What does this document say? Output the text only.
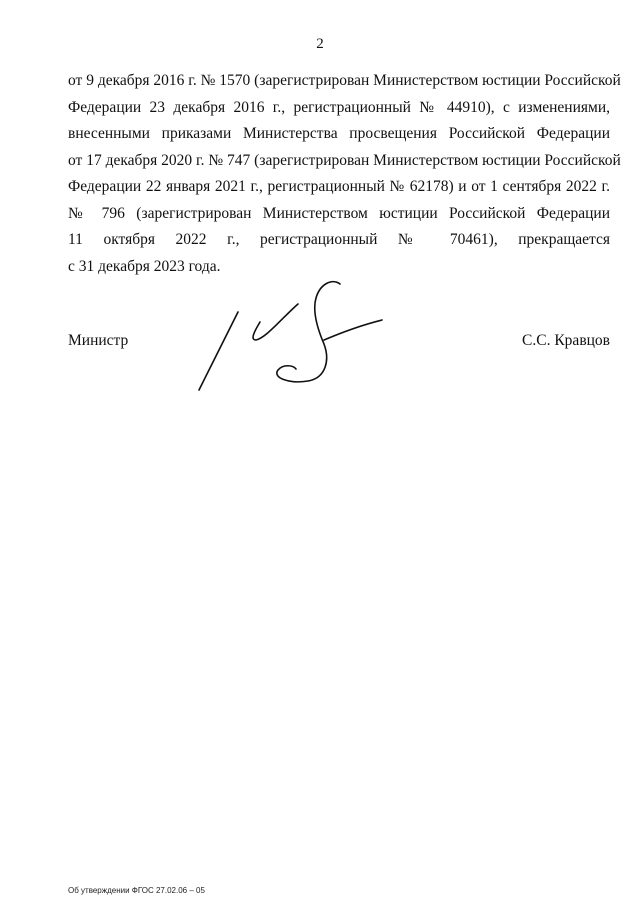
2
от 9 декабря 2016 г. № 1570 (зарегистрирован Министерством юстиции Российской
Федерации 23 декабря 2016 г., регистрационный № 44910), с изменениями,
внесенными приказами Министерства просвещения Российской Федерации
от 17 декабря 2020 г. № 747 (зарегистрирован Министерством юстиции Российской
Федерации 22 января 2021 г., регистрационный № 62178) и от 1 сентября 2022 г.
№ 796 (зарегистрирован Министерством юстиции Российской Федерации
11 октября 2022 г., регистрационный № 70461), прекращается
с 31 декабря 2023 года.
Министр	С.С. Кравцов
Об утверждении ФГОС 27.02.06 – 05
